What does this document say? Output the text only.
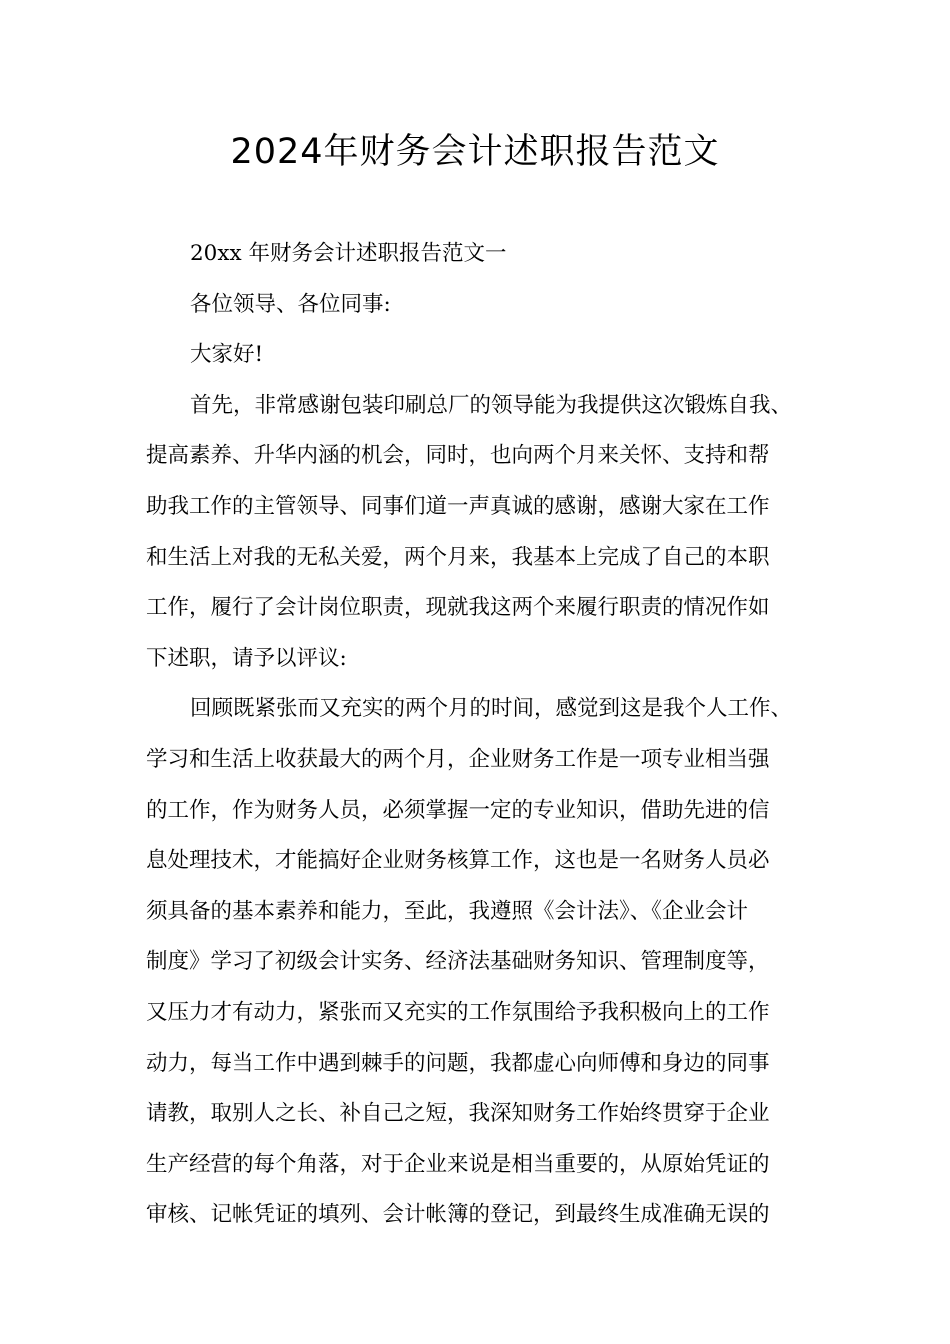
2024年财务会计述职报告范文
20xx 年财务会计述职报告范文一
各位领导、各位同事:
大家好!
首先，非常感谢包装印刷总厂的领导能为我提供这次锻炼自我、
提高素养、升华内涵的机会，同时，也向两个月来关怀、支持和帮
助我工作的主管领导、同事们道一声真诚的感谢，感谢大家在工作
和生活上对我的无私关爱，两个月来，我基本上完成了自己的本职
工作，履行了会计岗位职责，现就我这两个来履行职责的情况作如
下述职，请予以评议:
回顾既紧张而又充实的两个月的时间，感觉到这是我个人工作、
学习和生活上收获最大的两个月，企业财务工作是一项专业相当强
的工作，作为财务人员，必须掌握一定的专业知识，借助先进的信
息处理技术，才能搞好企业财务核算工作，这也是一名财务人员必
须具备的基本素养和能力，至此，我遵照《会计法》、《企业会计
制度》学习了初级会计实务、经济法基础财务知识、管理制度等，
又压力才有动力，紧张而又充实的工作氛围给予我积极向上的工作
动力，每当工作中遇到棘手的问题，我都虚心向师傅和身边的同事
请教，取别人之长、补自己之短，我深知财务工作始终贯穿于企业
生产经营的每个角落，对于企业来说是相当重要的，从原始凭证的
审核、记帐凭证的填列、会计帐簿的登记，到最终生成准确无误的
